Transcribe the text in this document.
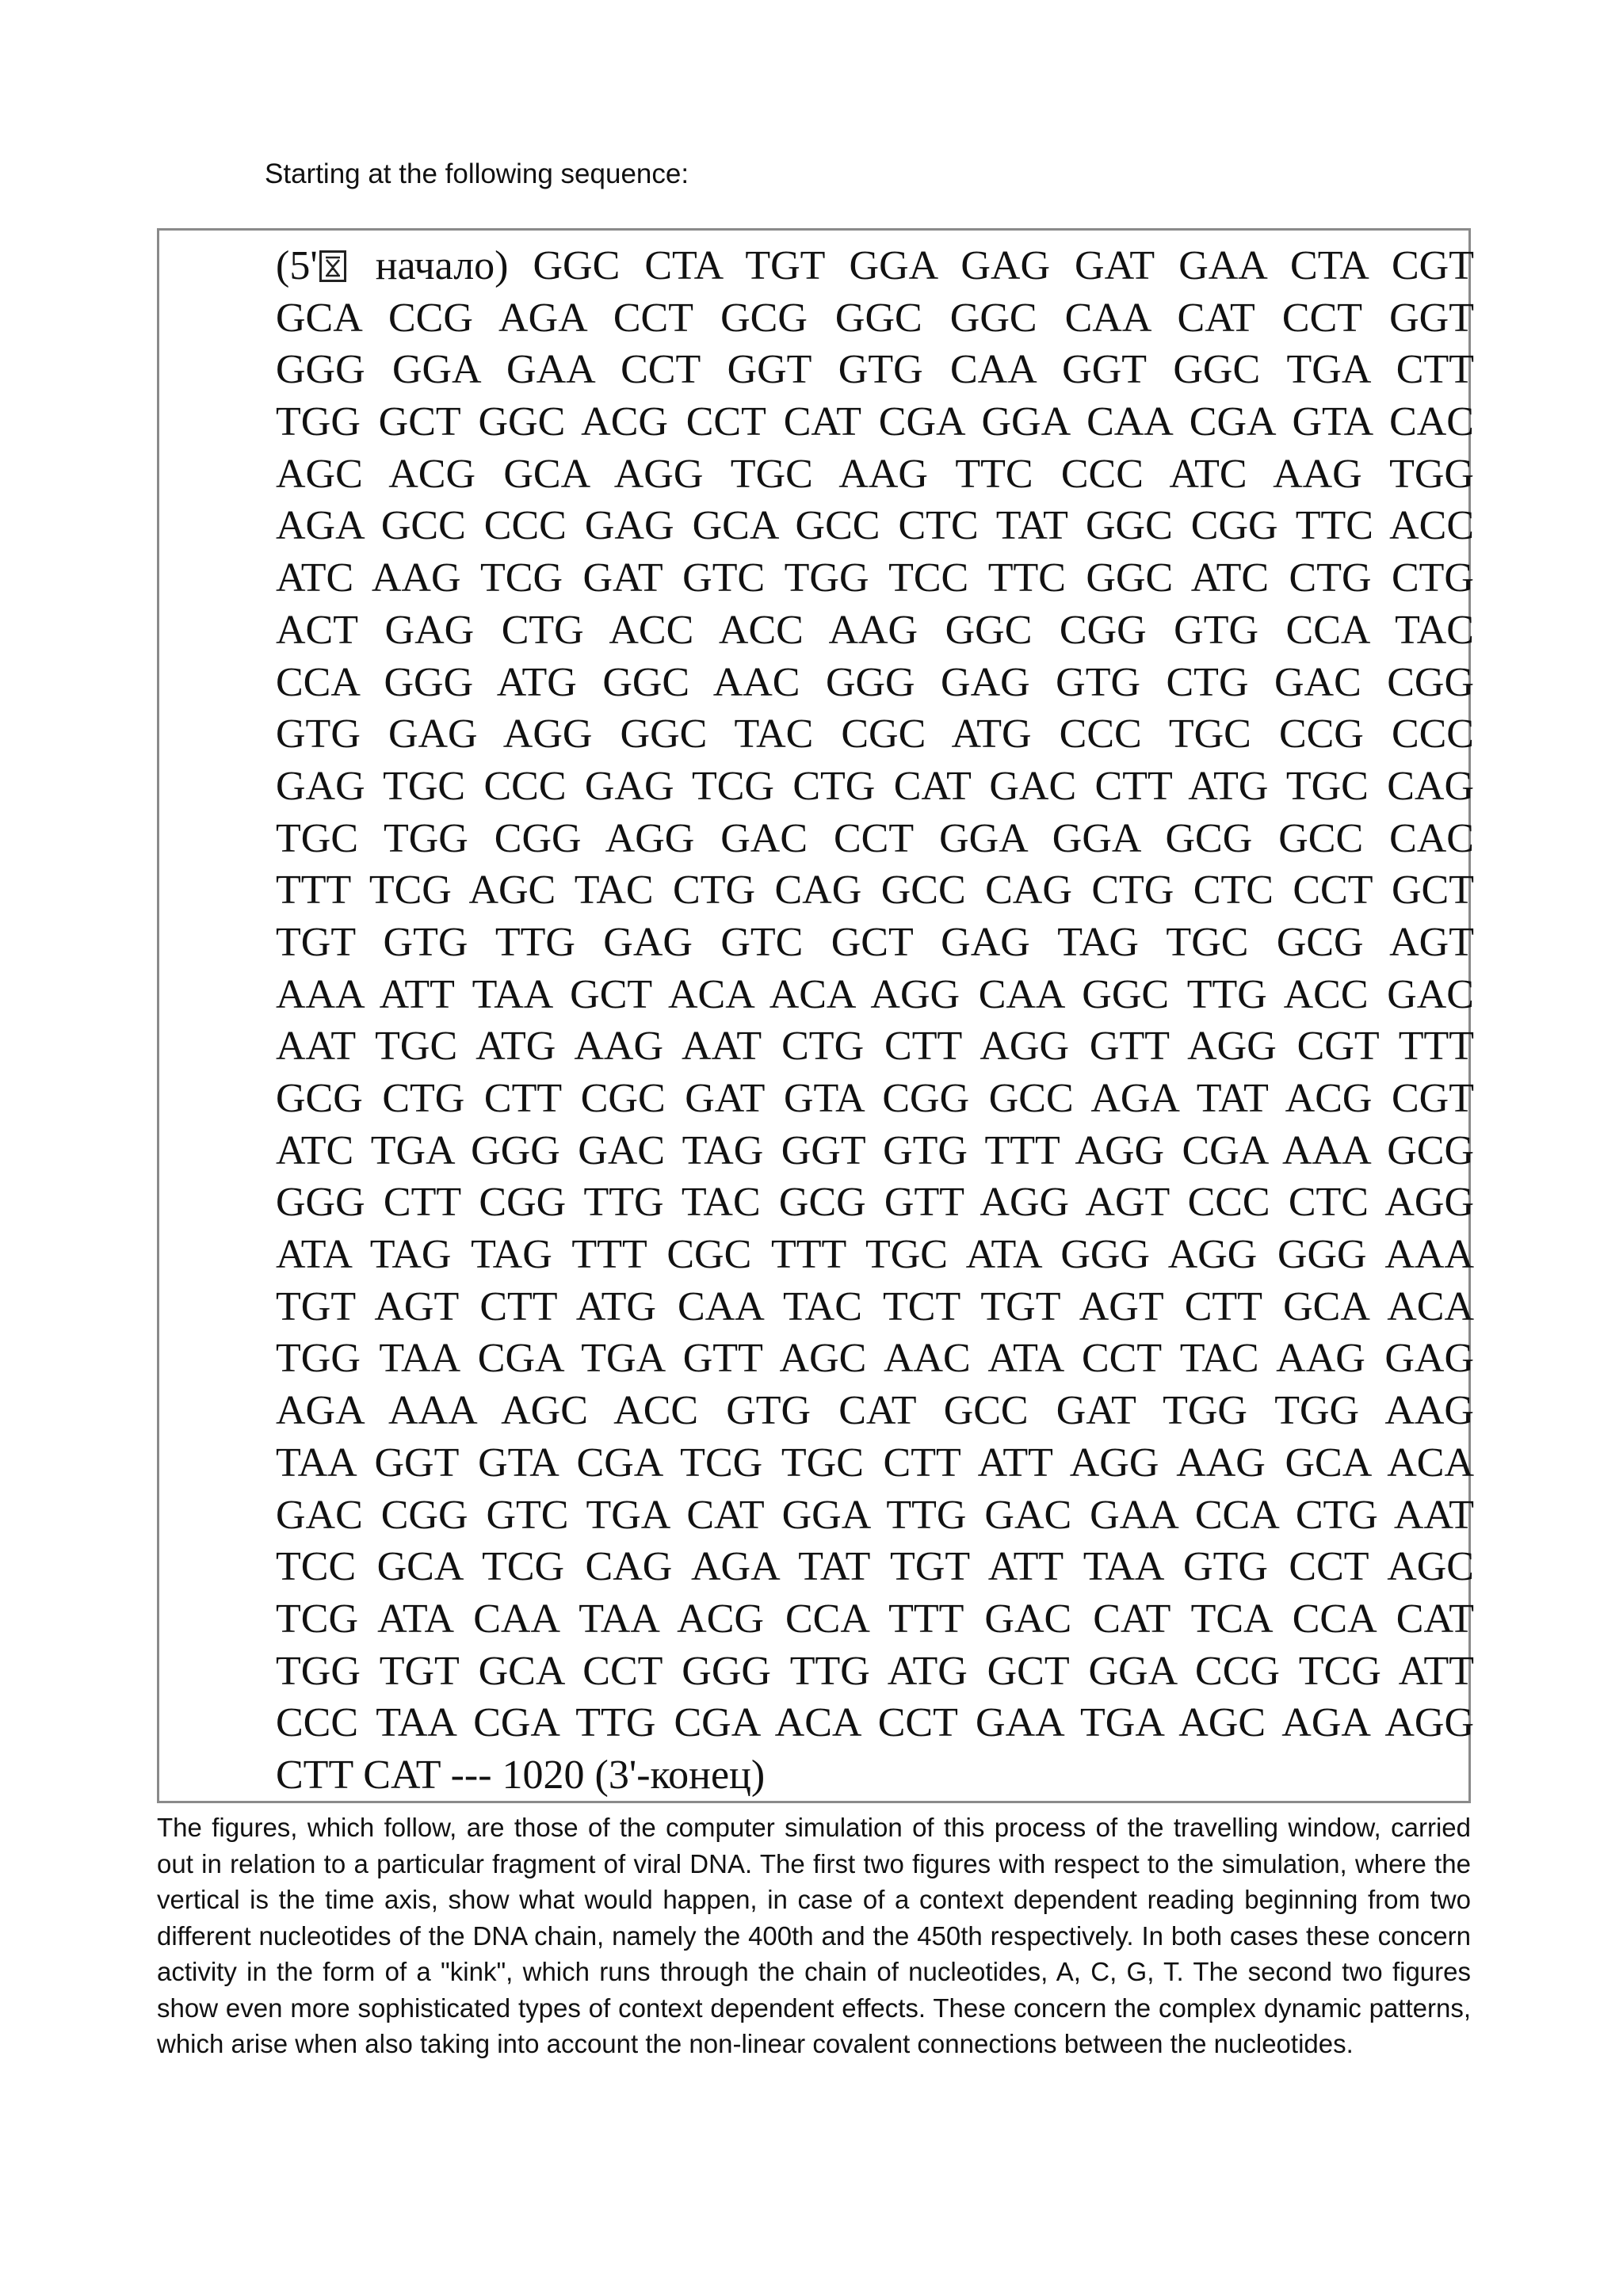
Starting at the following sequence:
(5'
начало) GGC CTA TGT GGA GAG GAT GAA CTA CGT
GCA CCG AGA CCT GCG GGC GGC CAA CAT CCT GGT
GGG GGA GAA CCT GGT GTG CAA GGT GGC TGA CTT
TGG GCT GGC ACG CCT CAT CGA GGA CAA CGA GTA CAC
AGC ACG GCA AGG TGC AAG TTC CCC ATC AAG TGG
AGA GCC CCC GAG GCA GCC CTC TAT GGC CGG TTC ACC
ATC AAG TCG GAT GTC TGG TCC TTC GGC ATC CTG CTG
ACT GAG CTG ACC ACC AAG GGC CGG GTG CCA TAC
CCA GGG ATG GGC AAC GGG GAG GTG CTG GAC CGG
GTG GAG AGG GGC TAC CGC ATG CCC TGC CCG CCC
GAG TGC CCC GAG TCG CTG CAT GAC CTT ATG TGC CAG
TGC TGG CGG AGG GAC CCT GGA GGA GCG GCC CAC
TTT TCG AGC TAC CTG CAG GCC CAG CTG CTC CCT GCT
TGT GTG TTG GAG GTC GCT GAG TAG TGC GCG AGT
AAA ATT TAA GCT ACA ACA AGG CAA GGC TTG ACC GAC
AAT TGC ATG AAG AAT CTG CTT AGG GTT AGG CGT TTT
GCG CTG CTT CGC GAT GTA CGG GCC AGA TAT ACG CGT
ATC TGA GGG GAC TAG GGT GTG TTT AGG CGA AAA GCG
GGG CTT CGG TTG TAC GCG GTT AGG AGT CCC CTC AGG
ATA TAG TAG TTT CGC TTT TGC ATA GGG AGG GGG AAA
TGT AGT CTT ATG CAA TAC TCT TGT AGT CTT GCA ACA
TGG TAA CGA TGA GTT AGC AAC ATA CCT TAC AAG GAG
AGA AAA AGC ACC GTG CAT GCC GAT TGG TGG AAG
TAA GGT GTA CGA TCG TGC CTT ATT AGG AAG GCA ACA
GAC CGG GTC TGA CAT GGA TTG GAC GAA CCA CTG AAT
TCC GCA TCG CAG AGA TAT TGT ATT TAA GTG CCT AGC
TCG ATA CAA TAA ACG CCA TTT GAC CAT TCA CCA CAT
TGG TGT GCA CCT GGG TTG ATG GCT GGA CCG TCG ATT
CCC TAA CGA TTG CGA ACA CCT GAA TGA AGC AGA AGG
CTT CAT --- 1020 (3'-конец)
The figures, which follow, are those of the computer simulation of this process of the travelling window, carried out in relation to a particular fragment of viral DNA. The first two figures with respect to the simulation, where the vertical is the time axis, show what would happen, in case of a context dependent reading beginning from two different nucleotides of the DNA chain, namely the 400th and the 450th respectively. In both cases these concern activity in the form of a "kink", which runs through the chain of nucleotides, A, C, G, T. The second two figures show even more sophisticated types of context dependent effects. These concern the complex dynamic patterns, which arise when also taking into account the non-linear covalent connections between the nucleotides.
